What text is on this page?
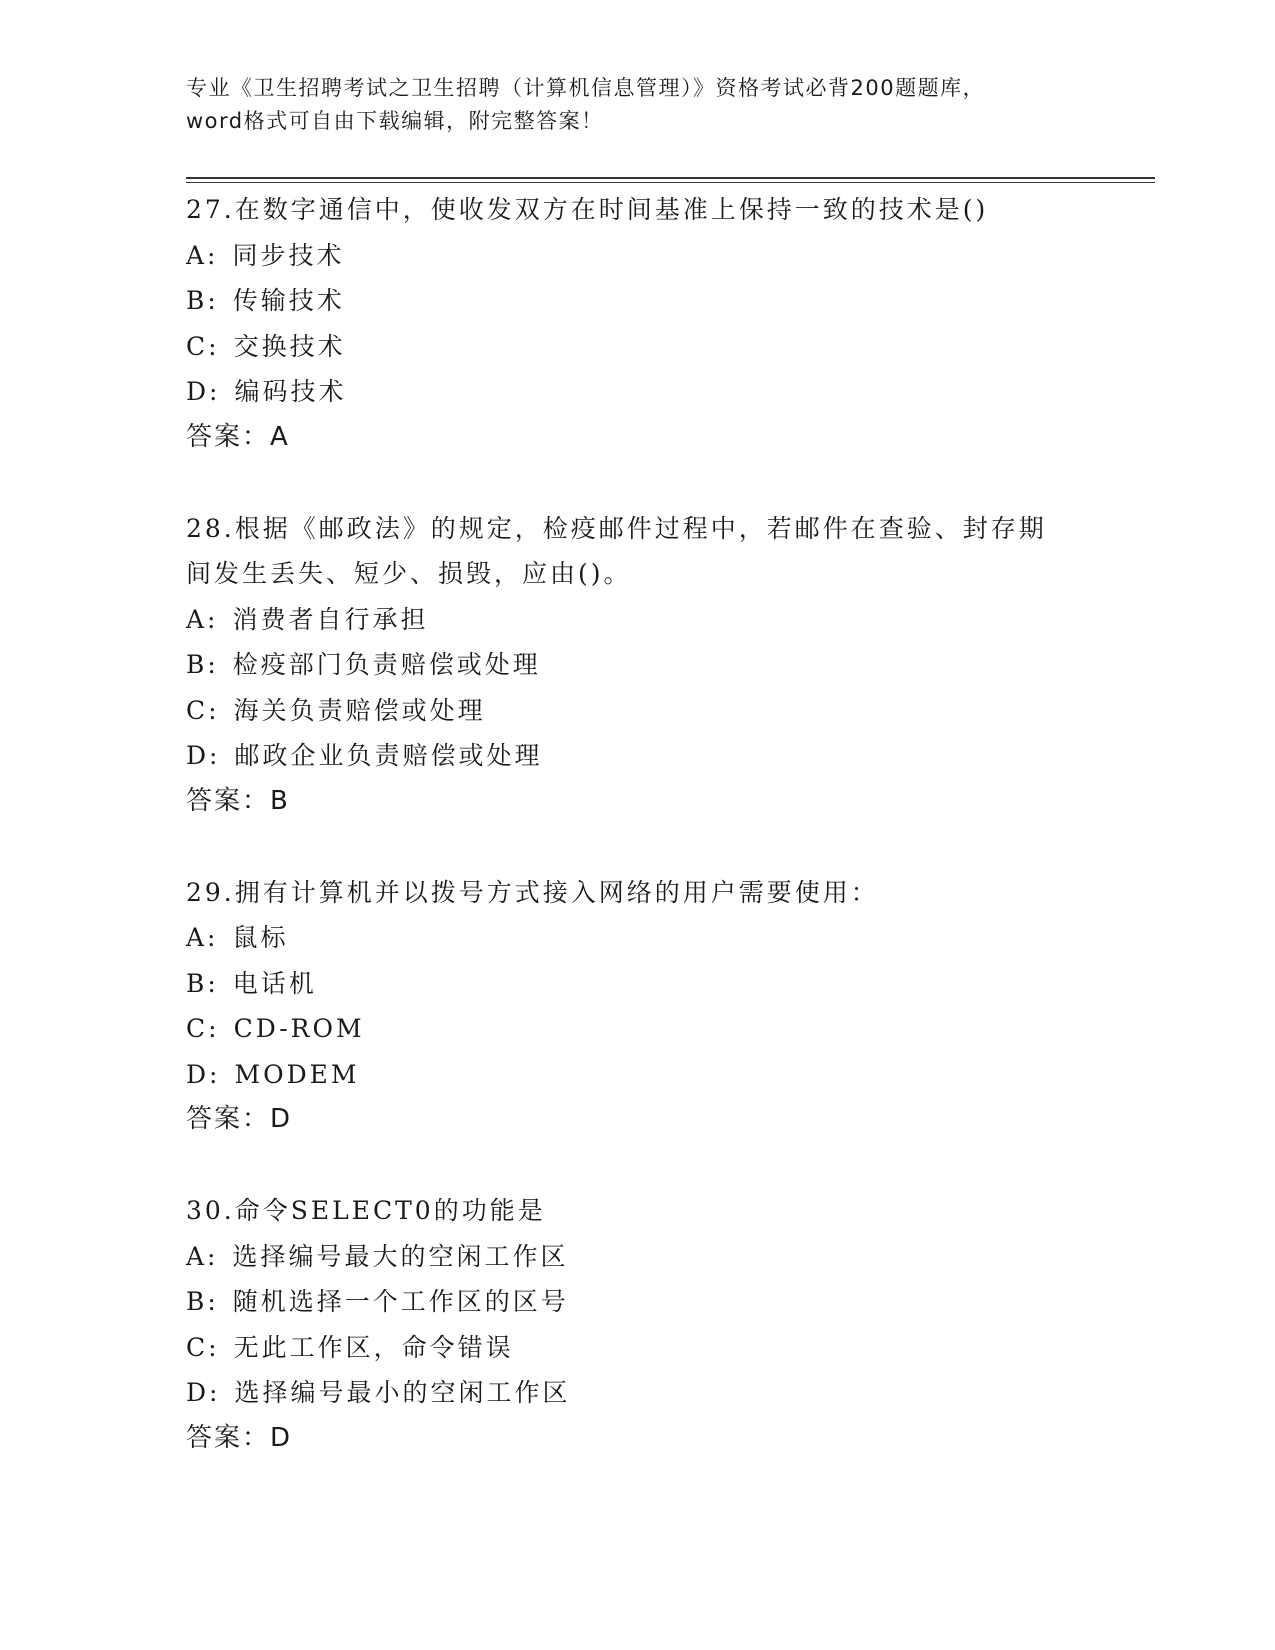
专业《卫生招聘考试之卫生招聘（计算机信息管理）》资格考试必背200题题库，
word格式可自由下载编辑，附完整答案！
27.在数字通信中，使收发双方在时间基准上保持一致的技术是()
A: 同步技术
B: 传输技术
C: 交换技术
D: 编码技术
答案：A
28.根据《邮政法》的规定，检疫邮件过程中，若邮件在查验、封存期
间发生丢失、短少、损毁，应由()。
A: 消费者自行承担
B: 检疫部门负责赔偿或处理
C: 海关负责赔偿或处理
D: 邮政企业负责赔偿或处理
答案：B
29.拥有计算机并以拨号方式接入网络的用户需要使用：
A: 鼠标
B: 电话机
C: CD-ROM
D: MODEM
答案：D
30.命令SELECT0的功能是
A: 选择编号最大的空闲工作区
B: 随机选择一个工作区的区号
C: 无此工作区，命令错误
D: 选择编号最小的空闲工作区
答案：D
